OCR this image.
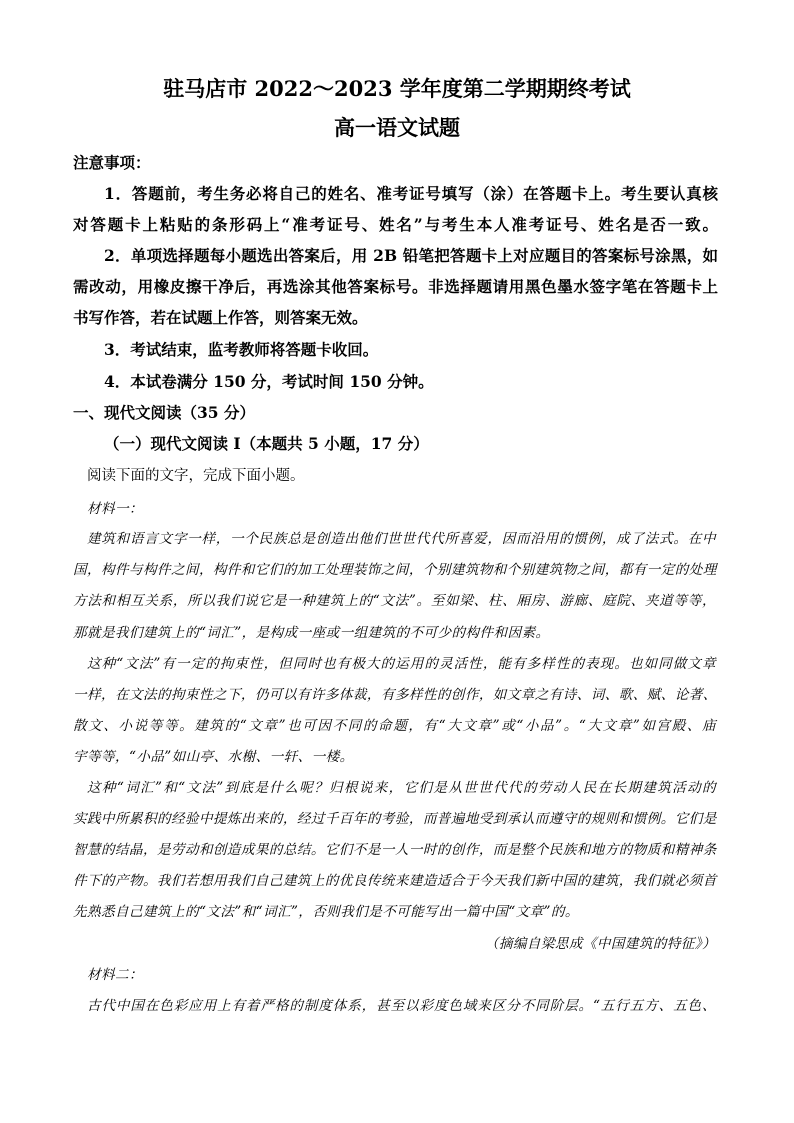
驻马店市 2022～2023 学年度第二学期期终考试
高一语文试题
注意事项：
1．答题前，考生务必将自己的姓名、准考证号填写（涂）在答题卡上。考生要认真核
对答题卡上粘贴的条形码上“准考证号、姓名”与考生本人准考证号、姓名是否一致。
2．单项选择题每小题选出答案后，用 2B 铅笔把答题卡上对应题目的答案标号涂黑，如
需改动，用橡皮擦干净后，再选涂其他答案标号。非选择题请用黑色墨水签字笔在答题卡上
书写作答，若在试题上作答，则答案无效。
3．考试结束，监考教师将答题卡收回。
4．本试卷满分 150 分，考试时间 150 分钟。
一、现代文阅读（35 分）
（一）现代文阅读 I（本题共 5 小题，17 分）
阅读下面的文字，完成下面小题。
材料一：
建筑和语言文字一样，一个民族总是创造出他们世世代代所喜爱，因而沿用的惯例，成了法式。在中
国，构件与构件之间，构件和它们的加工处理装饰之间，个别建筑物和个别建筑物之间，都有一定的处理
方法和相互关系，所以我们说它是一种建筑上的“文法”。至如梁、柱、厢房、游廊、庭院、夹道等等，
那就是我们建筑上的“词汇”，是构成一座或一组建筑的不可少的构件和因素。
这种“文法”有一定的拘束性，但同时也有极大的运用的灵活性，能有多样性的表现。也如同做文章
一样，在文法的拘束性之下，仍可以有许多体裁，有多样性的创作，如文章之有诗、词、歌、赋、论著、
散文、小说等等。建筑的“文章”也可因不同的命题，有“大文章”或“小品”。“大文章”如宫殿、庙
宇等等，“小品”如山亭、水榭、一轩、一楼。
这种“词汇”和“文法”到底是什么呢？归根说来，它们是从世世代代的劳动人民在长期建筑活动的
实践中所累积的经验中提炼出来的，经过千百年的考验，而普遍地受到承认而遵守的规则和惯例。它们是
智慧的结晶，是劳动和创造成果的总结。它们不是一人一时的创作，而是整个民族和地方的物质和精神条
件下的产物。我们若想用我们自己建筑上的优良传统来建造适合于今天我们新中国的建筑，我们就必须首
先熟悉自己建筑上的“文法”和“词汇”，否则我们是不可能写出一篇中国“文章”的。
（摘编自梁思成《中国建筑的特征》）
材料二：
古代中国在色彩应用上有着严格的制度体系，甚至以彩度色域来区分不同阶层。“五行五方、五色、
